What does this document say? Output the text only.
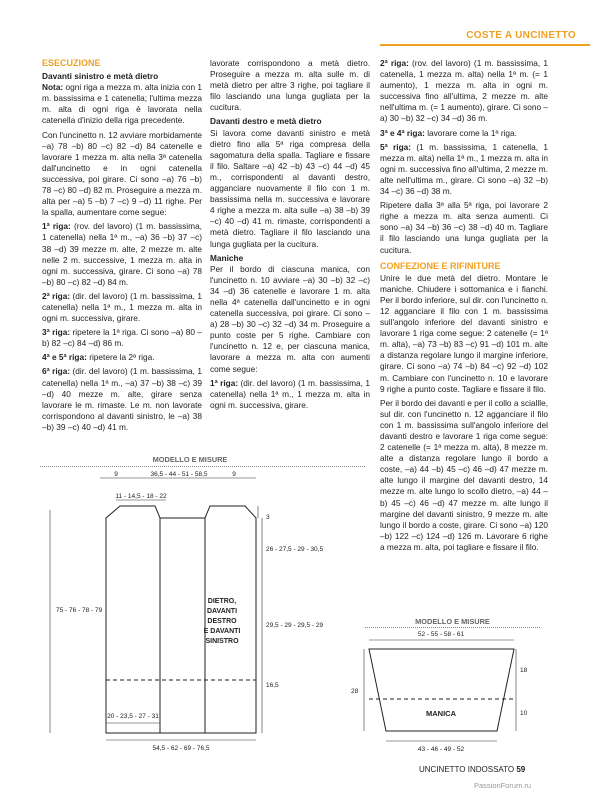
COSTE A UNCINETTO
ESECUZIONE
Davanti sinistro e metà dietro

Nota: ogni riga a mezza m. alta inizia con 1 m. bassissima e 1 catenella; l'ultima mezza m. alta di ogni riga è lavorata nella catenella d'inizio della riga precedente.

Con l'uncinetto n. 12 avviare morbidamente –a) 78 –b) 80 –c) 82 –d) 84 catenelle e lavorare 1 mezza m. alta nella 3ª catenella dall'uncinetto e in ogni catenella successiva, poi girare. Ci sono –a) 76 –b) 78 –c) 80 –d) 82 m. Proseguire a mezza m. alta per –a) 5 –b) 7 –c) 9 –d) 11 righe. Per la spalla, aumentare come segue:

1ª riga: (rov. del lavoro) (1 m. bassissima, 1 catenella) nella 1ª m., –a) 36 –b) 37 –c) 38 –d) 39 mezze m. alte, 2 mezze m. alte nelle 2 m. successive, 1 mezza m. alta in ogni m. successiva, girare. Ci sono –a) 78 –b) 80 –c) 82 –d) 84 m.

2ª riga: (dir. del lavoro) (1 m. bassissima, 1 catenella) nella 1ª m., 1 mezza m. alta in ogni m. successiva, girare.

3ª riga: ripetere la 1ª riga. Ci sono –a) 80 –b) 82 –c) 84 –d) 86 m.

4ª e 5ª riga: ripetere la 2ª riga.

6ª riga: (dir. del lavoro) (1 m. bassissima, 1 catenella) nella 1ª m., –a) 37 –b) 38 –c) 39 –d) 40 mezze m. alte, girare senza lavorare le m. rimaste. Le m. non lavorate corrispondono al davanti sinistro, le –a) 38 –b) 39 –c) 40 –d) 41 m.

lavorate corrispondono a metà dietro. Proseguire a mezza m. alta sulle m. di metà dietro per altre 3 righe, poi tagliare il filo lasciando una lunga gugliata per la cucitura.

Davanti destro e metà dietro

Si lavora come davanti sinistro e metà dietro fino alla 5ª riga compresa della sagomatura della spalla. Tagliare e fissare il filo. Saltare –a) 42 –b) 43 –c) 44 –d) 45 m., corrispondenti al davanti destro, agganciare nuovamente il filo con 1 m. bassissima nella m. successiva e lavorare 4 righe a mezza m. alta sulle –a) 38 –b) 39 –c) 40 –d) 41 m. rimaste, corrispondenti a metà dietro. Tagliare il filo lasciando una lunga gugliata per la cucitura.

Maniche

Per il bordo di ciascuna manica, con l'uncinetto n. 10 avviare –a) 30 –b) 32 –c) 34 –d) 36 catenelle e lavorare 1 m. alta nella 4ª catenella dall'uncinetto e in ogni catenella successiva, poi girare. Ci sono –a) 28 –b) 30 –c) 32 –d) 34 m. Proseguire a punto coste per 5 righe. Cambiare con l'uncinetto n. 12 e, per ciascuna manica, lavorare a mezza m. alta con aumenti come segue:

1ª riga: (dir. del lavoro) (1 m. bassissima, 1 catenella) nella 1ª m., 1 mezza m. alta in ogni m. successiva, girare.

2ª riga: (rov. del lavoro) (1 m. bassissima, 1 catenella, 1 mezza m. alta) nella 1ª m. (= 1 aumento), 1 mezza m. alta in ogni m. successiva fino all'ultima, 2 mezze m. alte nell'ultima m. (= 1 aumento), girare. Ci sono –a) 30 –b) 32 –c) 34 –d) 36 m.

3ª e 4ª riga: lavorare come la 1ª riga.

5ª riga: (1 m. bassissima, 1 catenella, 1 mezza m. alta) nella 1ª m., 1 mezza m. alta in ogni m. successiva fino all'ultima, 2 mezze m. alte nell'ultima m., girare. Ci sono –a) 32 –b) 34 –c) 36 –d) 38 m.

Ripetere dalla 3ª alla 5ª riga, poi lavorare 2 righe a mezza m. alta senza aumenti. Ci sono –a) 34 –b) 36 –c) 38 –d) 40 m. Tagliare il filo lasciando una lunga gugliata per la cucitura.

CONFEZIONE E RIFINITURE

Unire le due metà del dietro. Montare le maniche. Chiudere i sottomanica e i fianchi. Per il bordo inferiore, sul dir. con l'uncinetto n. 12 agganciare il filo con 1 m. bassissima sull'angolo inferiore del davanti sinistro e lavorare 1 riga come segue: 2 catenelle (= 1ª m. alta), –a) 73 –b) 83 –c) 91 –d) 101 m. alte a distanza regolare lungo il margine inferiore, girare. Ci sono –a) 74 –b) 84 –c) 92 –d) 102 m. Cambiare con l'uncinetto n. 10 e lavorare 9 righe a punto coste. Tagliare e fissare il filo.

Per il bordo dei davanti e per il collo a sciallle, sul dir. con l'uncinetto n. 12 agganciare il filo con 1 m. bassissima sull'angolo inferiore del davanti destro e lavorare 1 riga come segue: 2 catenelle (= 1ª mezza m. alta), 8 mezze m. alte a distanza regolare lungo il bordo a coste, –a) 44 –b) 45 –c) 46 –d) 47 mezze m. alte lungo il margine del davanti destro, 14 mezze m. alte lungo lo scollo dietro, –a) 44 –b) 45 –c) 46 –d) 47 mezze m. alte lungo il margine del davanti sinistro, 9 mezze m. alte lungo il bordo a coste, girare. Ci sono –a) 120 –b) 122 –c) 124 –d) 126 m. Lavorare 6 righe a mezza m. alta, poi tagliare e fissare il filo.

MODELLO E MISURE
9	36,5 - 44 - 51 - 58,5	9
11 - 14,5 - 18 - 22
3
26 - 27,5 - 29 - 30,5
75 - 76 - 78 - 79
29,5 - 29 - 29,5 - 29
16,5
20 - 23,5 - 27 - 31
54,5 - 62 - 69 - 76,5
DIETRO,
DAVANTI
DESTRO
E DAVANTI
SINISTRO
52 - 55 - 58 - 61
18
28
10
43 - 46 - 49 - 52
MANICA
MODELLO E MISURE
UNCINETTO INDOSSATO 59
PassionForum.ru
